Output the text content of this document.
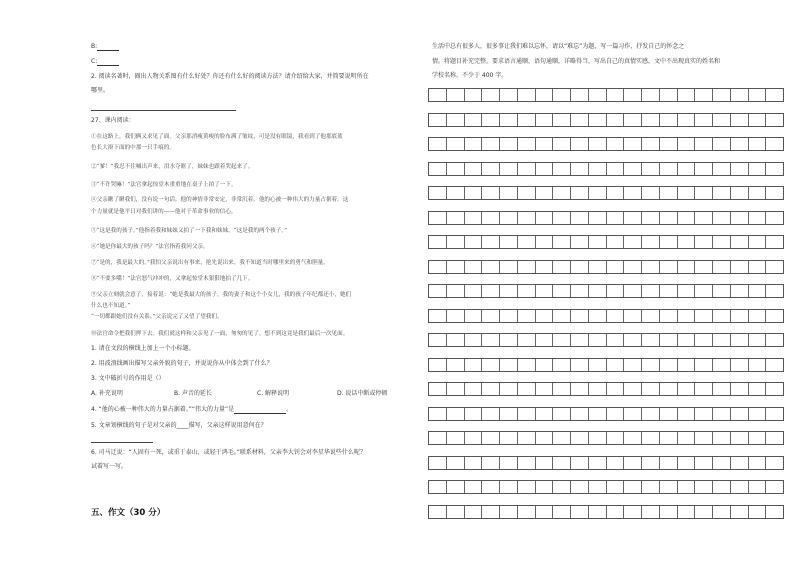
B:
C:
2. 阅读名著时，圈出人物关系图有什么好处？你还有什么好的阅读方法？请介绍给大家，并简要说明所在
哪里。
27、课内阅读：
①在这路上，我们俩又求见了面。父亲那消瘦黄瘦的脸布满了皱纹，可是没有眼镜，我看到了他那底蓝
色长大褂下面的中那一只手痕的。
②“爹！”我忍不住喊出声来，泪水夺眶了，妹妹也跟着哭起来了。
③“不许哭嘛！”法官拿起惊堂木重重地在桌子上拍了一下。
④父亲瞅了瞅我们，没有说一句话。他的神情非常安定，非常沉着，他的心被一种伟大的力量占据着。这
个力量就是他平日对我们讲的——他对于革命事业的信心。
⑤“这是我的孩子。”他指着我和妹妹又拍了一下我和妹妹，“这是我的两个孩子。”
⑥“她是你最大的孩子吗？”法官指着我问父亲。
⑦“是的，我是最大的。”我怕父亲说出有事来，抢先说出来。我不知道当时哪里来的勇气和胆量。
⑧“不要多嘴！”法官怒气冲冲的，又拿起惊堂木狠狠地拍了几下。
⑨父亲立刻就会意了，接着说：“她是我最大的孩子。我的妻子和这个小女儿，我的孩子年纪都还小，她们
什么也不知道。”
“一切都跟她们没有关系。”父亲说完了又望了望我们。
⑩法官命令把我们押下去。我们就这样和父亲见了一面，匆匆的见了。想不到这竟是我们最后一次见面。
1. 请在文段的横线上加上一个小标题。
2. 用波浪线画出描写父亲外貌的句子，并说说你从中体会到了什么？
3. 文中破折号的作用是（）
A. 补充说明	B. 声音的延长	C. 解释说明	D. 说话中断或停顿
4. “他的心被一种伟大的力量占据着。”“伟大的力量”是	。
5. 文章划横线的句子是对父亲的____描写，父亲这样说用意何在？
6. 司马迁说：“人固有一死，或重于泰山，或轻于鸿毛。”联系材料，父亲李大钊会对李星华说些什么呢？
试着写一写。
五、作文（30 分）
生活中总有很多人，很多事让我们难以忘怀，请以“难忘”为题，写一篇习作，抒发自己的怀念之
情。将题目补充完整，要求语言通顺，语句通顺，详略得当，写出自己的真情实感。文中不出现真实的姓名和
学校名称。不少于 400 字。
